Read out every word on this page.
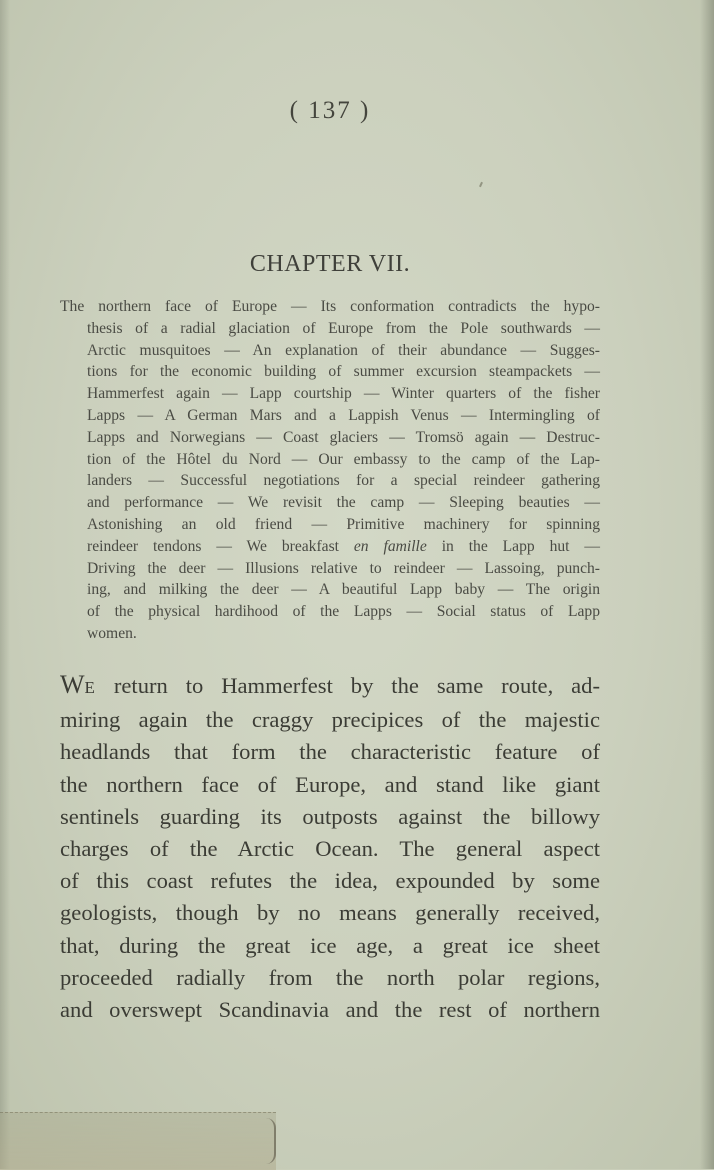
( 137 )
CHAPTER VII.
The northern face of Europe — Its conformation contradicts the hypo-
thesis of a radial glaciation of Europe from the Pole southwards —
Arctic musquitoes — An explanation of their abundance — Sugges-
tions for the economic building of summer excursion steampackets —
Hammerfest again — Lapp courtship — Winter quarters of the fisher
Lapps — A German Mars and a Lappish Venus — Intermingling of
Lapps and Norwegians — Coast glaciers — Tromsö again — Destruc-
tion of the Hôtel du Nord — Our embassy to the camp of the Lap-
landers — Successful negotiations for a special reindeer gathering
and performance — We revisit the camp — Sleeping beauties —
Astonishing an old friend — Primitive machinery for spinning
reindeer tendons — We breakfast en famille in the Lapp hut —
Driving the deer — Illusions relative to reindeer — Lassoing, punch-
ing, and milking the deer — A beautiful Lapp baby — The origin
of the physical hardihood of the Lapps — Social status of Lapp
women.
WE return to Hammerfest by the same route, ad-
miring again the craggy precipices of the majestic
headlands that form the characteristic feature of
the northern face of Europe, and stand like giant
sentinels guarding its outposts against the billowy
charges of the Arctic Ocean. The general aspect
of this coast refutes the idea, expounded by some
geologists, though by no means generally received,
that, during the great ice age, a great ice sheet
proceeded radially from the north polar regions,
and overswept Scandinavia and the rest of northern
